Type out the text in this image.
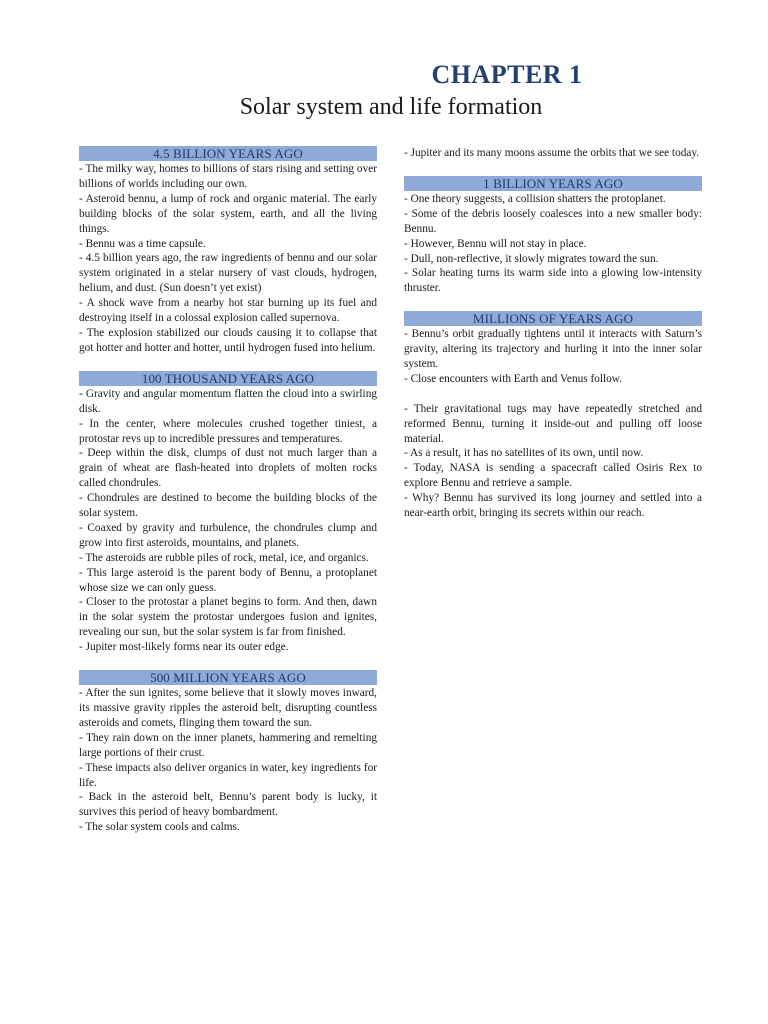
CHAPTER 1
Solar system and life formation
4.5 BILLION YEARS AGO

- The milky way, homes to billions of stars rising and setting over billions of worlds including our own.

- Asteroid bennu, a lump of rock and organic material. The early building blocks of the solar system, earth, and all the living things.

- Bennu was a time capsule.

- 4.5 billion years ago, the raw ingredients of bennu and our solar system originated in a stelar nursery of vast clouds, hydrogen, helium, and dust. (Sun doesn’t yet exist)

- A shock wave from a nearby hot star burning up its fuel and destroying itself in a colossal explosion called supernova.

- The explosion stabilized our clouds causing it to collapse that got hotter and hotter and hotter, until hydrogen fused into helium.

100 THOUSAND YEARS AGO

- Gravity and angular momentum flatten the cloud into a swirling disk.

- In the center, where molecules crushed together tiniest, a protostar revs up to incredible pressures and temperatures.

- Deep within the disk, clumps of dust not much larger than a grain of wheat are flash-heated into droplets of molten rocks called chondrules.

- Chondrules are destined to become the building blocks of the solar system.

- Coaxed by gravity and turbulence, the chondrules clump and grow into first asteroids, mountains, and planets.

- The asteroids are rubble piles of rock, metal, ice, and organics.

- This large asteroid is the parent body of Bennu, a protoplanet whose size we can only guess.

- Closer to the protostar a planet begins to form. And then, dawn in the solar system the protostar undergoes fusion and ignites, revealing our sun, but the solar system is far from finished.

- Jupiter most-likely forms near its outer edge.

500 MILLION YEARS AGO

- After the sun ignites, some believe that it slowly moves inward, its massive gravity ripples the asteroid belt, disrupting countless asteroids and comets, flinging them toward the sun.

- They rain down on the inner planets, hammering and remelting large portions of their crust.

- These impacts also deliver organics in water, key ingredients for life.

- Back in the asteroid belt, Bennu’s parent body is lucky, it survives this period of heavy bombardment.

- The solar system cools and calms.

- Jupiter and its many moons assume the orbits that we see today.

1 BILLION YEARS AGO

- One theory suggests, a collision shatters the protoplanet.

- Some of the debris loosely coalesces into a new smaller body: Bennu.

- However, Bennu will not stay in place.

- Dull, non-reflective, it slowly migrates toward the sun.

- Solar heating turns its warm side into a glowing low-intensity thruster.

MILLIONS OF YEARS AGO

- Bennu’s orbit gradually tightens until it interacts with Saturn’s gravity, altering its trajectory and hurling it into the inner solar system.

- Close encounters with Earth and Venus follow.

- Their gravitational tugs may have repeatedly stretched and reformed Bennu, turning it inside-out and pulling off loose material.

- As a result, it has no satellites of its own, until now.

- Today, NASA is sending a spacecraft called Osiris Rex to explore Bennu and retrieve a sample.

- Why? Bennu has survived its long journey and settled into a near-earth orbit, bringing its secrets within our reach.
